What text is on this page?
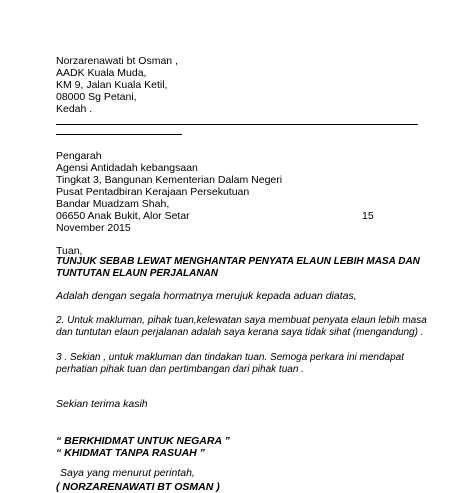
Norzarenawati bt Osman ,

AADK Kuala Muda,

KM 9, Jalan Kuala Ketil,

08000 Sg Petani,

Kedah .

Pengarah

Agensi Antidadah kebangsaan

Tingkat 3, Bangunan Kementerian Dalam Negeri

Pusat Pentadbiran Kerajaan Persekutuan

Bandar Muadzam Shah,

06650 Anak Bukit, Alor Setar	15

November 2015

Tuan,

TUNJUK SEBAB LEWAT MENGHANTAR PENYATA ELAUN LEBIH MASA DAN

TUNTUTAN ELAUN PERJALANAN

Adalah dengan segala hormatnya merujuk kepada aduan diatas,

2. Untuk makluman, pihak tuan,kelewatan saya membuat penyata elaun lebih masa

dan tuntutan elaun perjalanan adalah saya kerana saya tidak sihat (mengandung) .

3 . Sekian , untuk makluman dan tindakan tuan. Semoga perkara ini mendapat

perhatian pihak tuan dan pertimbangan dari pihak tuan .

Sekian terima kasih

“ BERKHIDMAT UNTUK NEGARA ”

“ KHIDMAT TANPA RASUAH ”

Saya yang menurut perintah,

( NORZARENAWATI BT OSMAN )
